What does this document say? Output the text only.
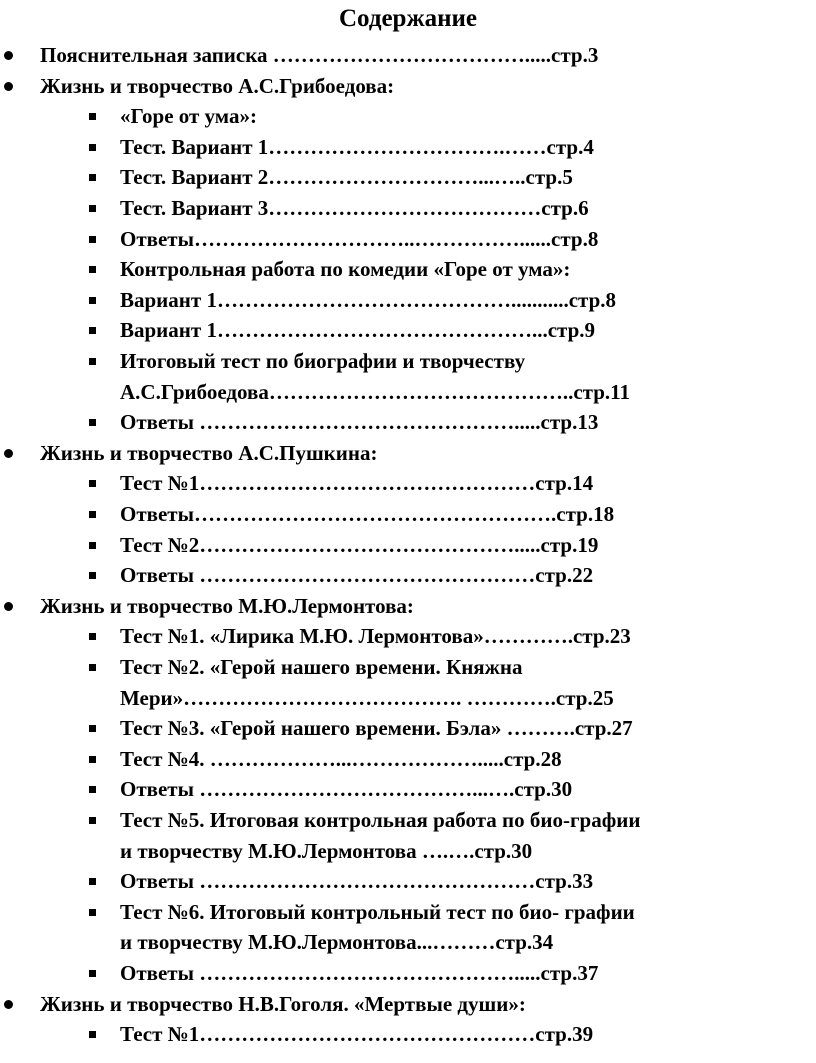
Содержание
Пояснительная записка ……………………………….....стр.3
Жизнь и творчество А.С.Грибоедова:
«Горе от ума»:
Тест. Вариант 1…………………………….……стр.4
Тест. Вариант 2…………………………...…..стр.5
Тест. Вариант 3…………………………………стр.6
Ответы…………………………..……………......стр.8
Контрольная работа по комедии «Горе от ума»:
Вариант 1……………………………………...........стр.8
Вариант 1………………………………………...стр.9
Итоговый тест по биографии и творчеству
А.С.Грибоедова……………………………………..стр.11
Ответы ……………………………………….....стр.13
Жизнь и творчество А.С.Пушкина:
Тест №1…………………………………………стр.14
Ответы…………………………………………….стр.18
Тест №2……………………………………….....стр.19
Ответы …………………………………………стр.22
Жизнь и творчество М.Ю.Лермонтова:
Тест №1. «Лирика М.Ю. Лермонтова»………….стр.23
Тест №2. «Герой нашего времени. Княжна
Мери»…………………………………. ………….стр.25
Тест №3. «Герой нашего времени. Бэла» ……….стр.27
Тест №4. ………………...……………….....стр.28
Ответы …………………………………...….стр.30
Тест №5. Итоговая контрольная работа по био-графии
и творчеству М.Ю.Лермонтова ….….стр.30
Ответы …………………………………………стр.33
Тест №6. Итоговый контрольный тест по био- графии
и творчеству М.Ю.Лермонтова...………стр.34
Ответы ……………………………………….....стр.37
Жизнь и творчество Н.В.Гоголя. «Мертвые души»:
Тест №1…………………………………………стр.39
